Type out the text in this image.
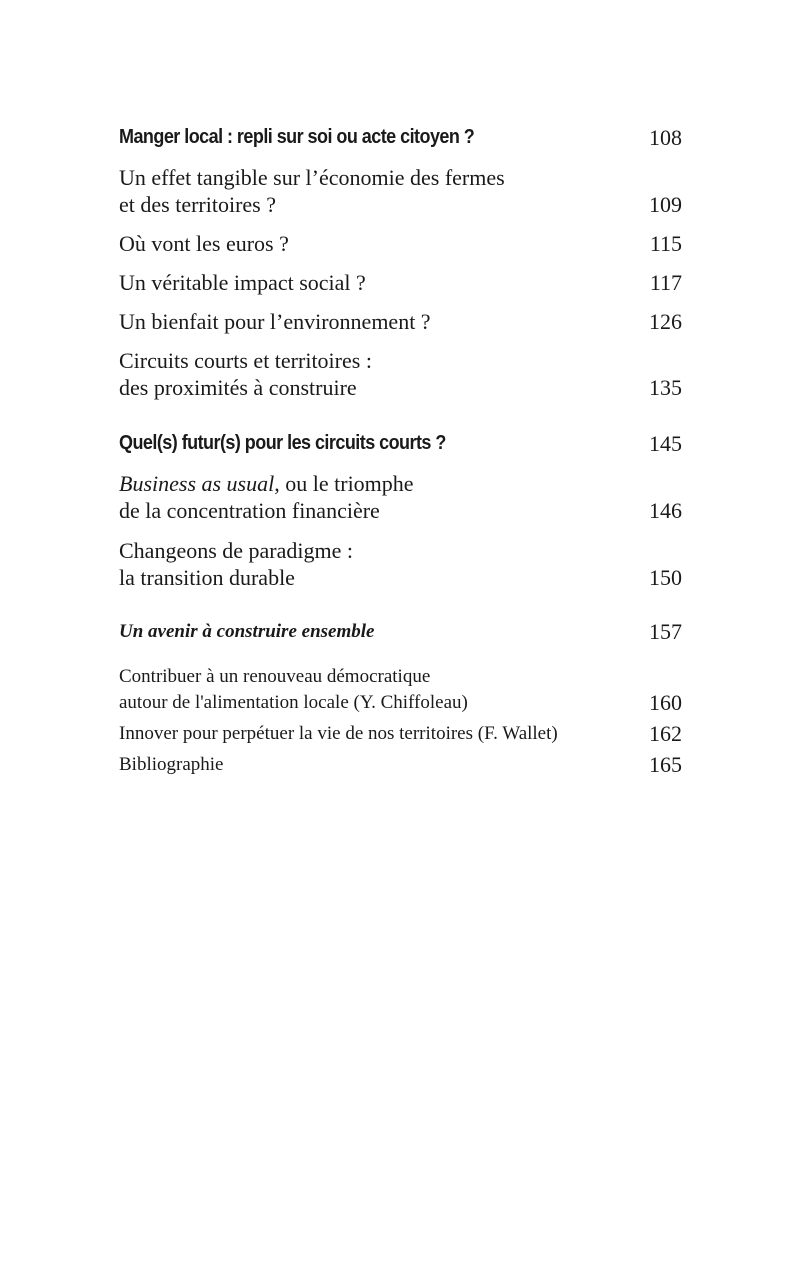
Manger local : repli sur soi ou acte citoyen ?	108
Un effet tangible sur l’économie des fermes
et des territoires ?	109
Où vont les euros ?	115
Un véritable impact social ?	117
Un bienfait pour l’environnement ?	126
Circuits courts et territoires :
des proximités à construire	135
Quel(s) futur(s) pour les circuits courts ?	145
Business as usual, ou le triomphe
de la concentration financière	146
Changeons de paradigme :
la transition durable	150
Un avenir à construire ensemble	157
Contribuer à un renouveau démocratique
autour de l'alimentation locale (Y. Chiffoleau)	160
Innover pour perpétuer la vie de nos territoires (F. Wallet)	162
Bibliographie	165
